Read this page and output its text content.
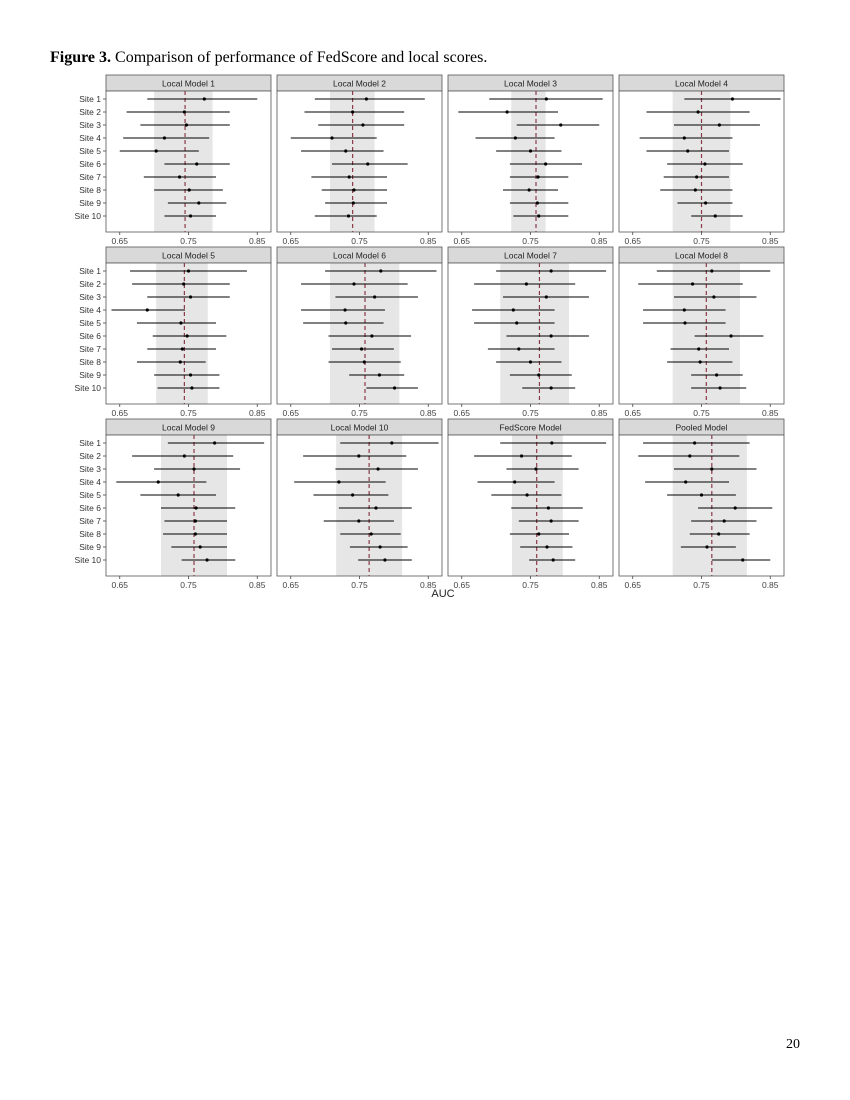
Figure 3. Comparison of performance of FedScore and local scores.
Local Model 1
0.65	0.75	0.85
Site 1
Site 2
Site 3
Site 4
Site 5
Site 6
Site 7
Site 8
Site 9
Site 10
Local Model 2
0.65	0.75	0.85
Local Model 3
0.65	0.75	0.85
Local Model 4
0.65	0.75	0.85
Local Model 5
0.65	0.75	0.85
Site 1
Site 2
Site 3
Site 4
Site 5
Site 6
Site 7
Site 8
Site 9
Site 10
Local Model 6
0.65	0.75	0.85
Local Model 7
0.65	0.75	0.85
Local Model 8
0.65	0.75	0.85
Local Model 9
0.65	0.75	0.85
Site 1
Site 2
Site 3
Site 4
Site 5
Site 6
Site 7
Site 8
Site 9
Site 10
Local Model 10
0.65	0.75	0.85
FedScore Model
0.65	0.75	0.85
Pooled Model
0.65	0.75	0.85
AUC
20
